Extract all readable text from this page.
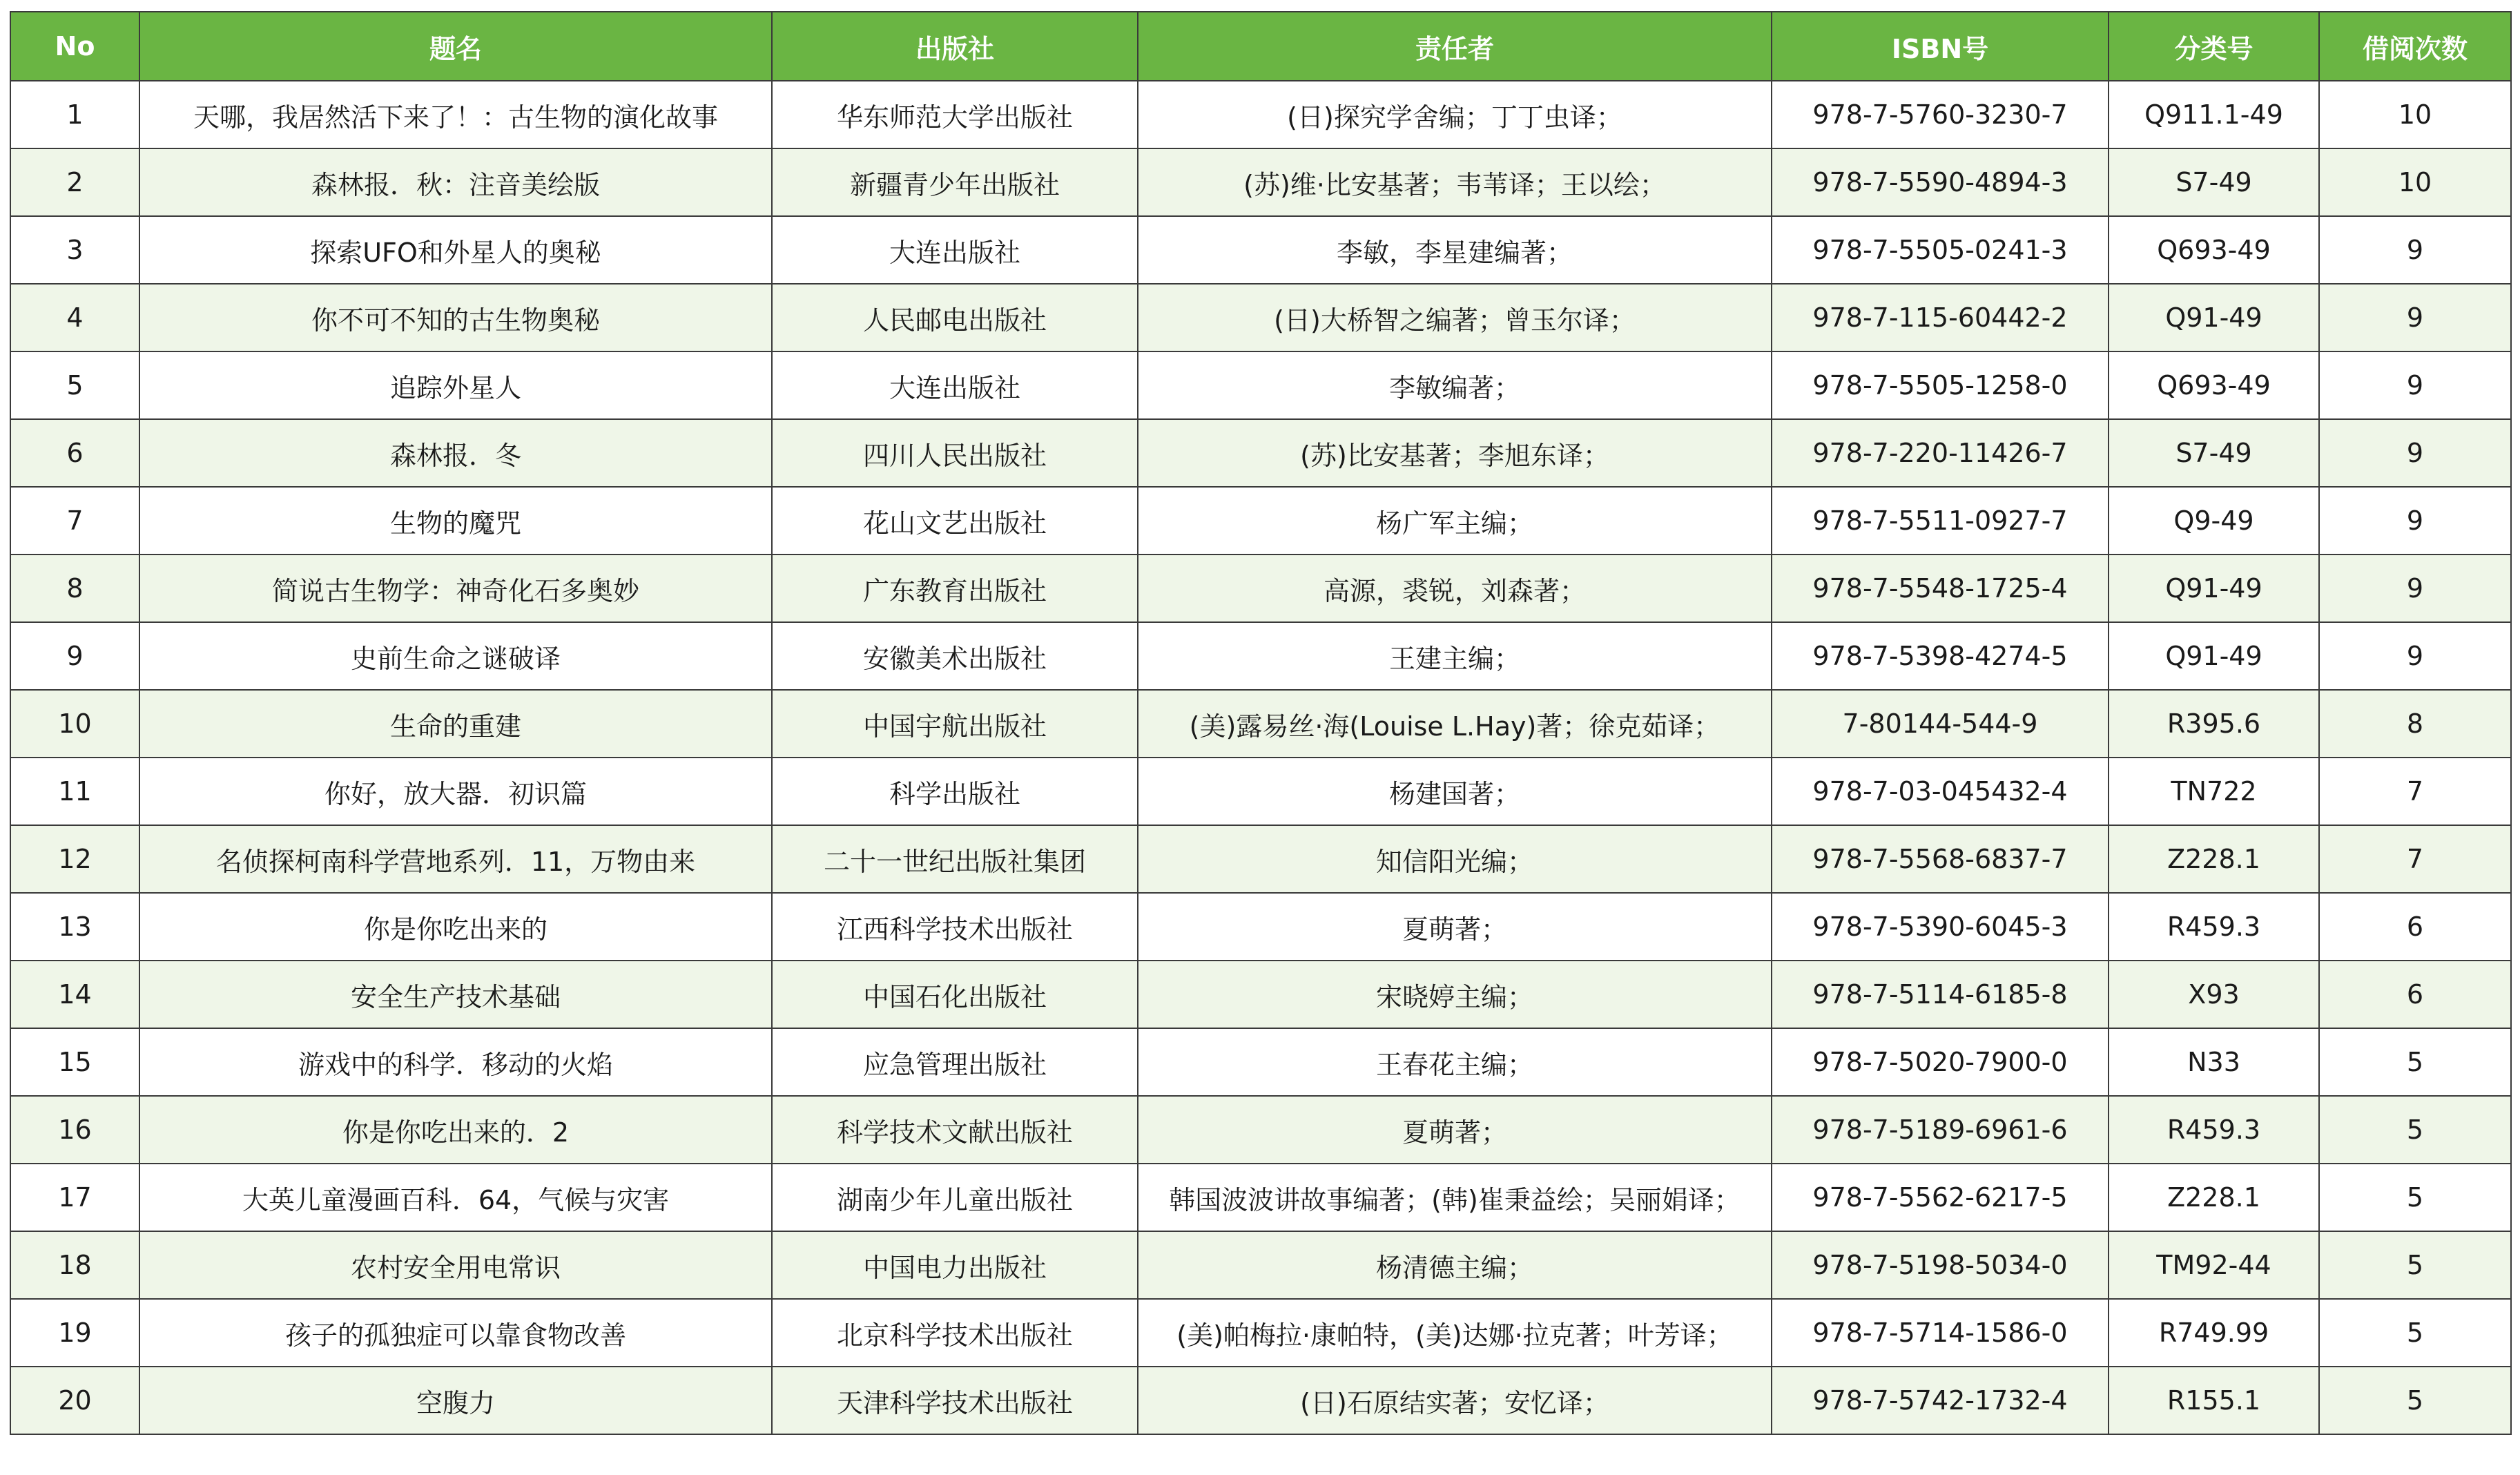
No	题名	出版社	责任者	ISBN号	分类号	借阅次数
1	天哪，我居然活下来了！：古生物的演化故事	华东师范大学出版社	(日)探究学舍编；丁丁虫译；	978-7-5760-3230-7	Q911.1-49	10
2	森林报．秋：注音美绘版	新疆青少年出版社	(苏)维·比安基著；韦苇译；王以绘；	978-7-5590-4894-3	S7-49	10
3	探索UFO和外星人的奥秘	大连出版社	李敏，李星建编著；	978-7-5505-0241-3	Q693-49	9
4	你不可不知的古生物奥秘	人民邮电出版社	(日)大桥智之编著；曾玉尔译；	978-7-115-60442-2	Q91-49	9
5	追踪外星人	大连出版社	李敏编著；	978-7-5505-1258-0	Q693-49	9
6	森林报．冬	四川人民出版社	(苏)比安基著；李旭东译；	978-7-220-11426-7	S7-49	9
7	生物的魔咒	花山文艺出版社	杨广军主编；	978-7-5511-0927-7	Q9-49	9
8	简说古生物学：神奇化石多奥妙	广东教育出版社	高源，裘锐，刘森著；	978-7-5548-1725-4	Q91-49	9
9	史前生命之谜破译	安徽美术出版社	王建主编；	978-7-5398-4274-5	Q91-49	9
10	生命的重建	中国宇航出版社	(美)露易丝·海(Louise L.Hay)著；徐克茹译；	7-80144-544-9	R395.6	8
11	你好，放大器．初识篇	科学出版社	杨建国著；	978-7-03-045432-4	TN722	7
12	名侦探柯南科学营地系列．11，万物由来	二十一世纪出版社集团	知信阳光编；	978-7-5568-6837-7	Z228.1	7
13	你是你吃出来的	江西科学技术出版社	夏萌著；	978-7-5390-6045-3	R459.3	6
14	安全生产技术基础	中国石化出版社	宋晓婷主编；	978-7-5114-6185-8	X93	6
15	游戏中的科学．移动的火焰	应急管理出版社	王春花主编；	978-7-5020-7900-0	N33	5
16	你是你吃出来的．2	科学技术文献出版社	夏萌著；	978-7-5189-6961-6	R459.3	5
17	大英儿童漫画百科．64，气候与灾害	湖南少年儿童出版社	韩国波波讲故事编著；(韩)崔秉益绘；吴丽娟译；	978-7-5562-6217-5	Z228.1	5
18	农村安全用电常识	中国电力出版社	杨清德主编；	978-7-5198-5034-0	TM92-44	5
19	孩子的孤独症可以靠食物改善	北京科学技术出版社	(美)帕梅拉·康帕特，(美)达娜·拉克著；叶芳译；	978-7-5714-1586-0	R749.99	5
20	空腹力	天津科学技术出版社	(日)石原结实著；安忆译；	978-7-5742-1732-4	R155.1	5
